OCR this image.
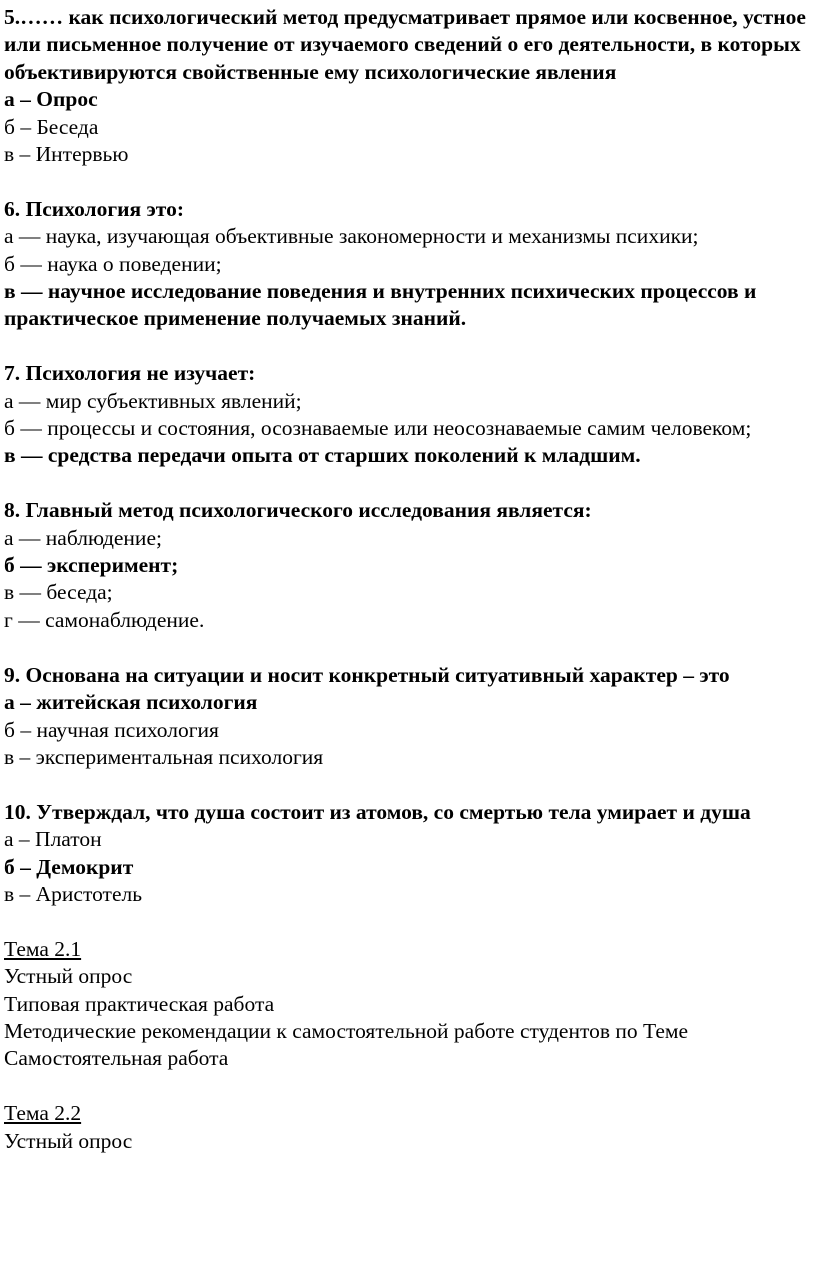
5.…… как психологический метод предусматривает прямое или косвенное, устное или письменное получение от изучаемого сведений о его деятельности, в которых объективируются свойственные ему психологические явления
а – Опрос
б – Беседа
в – Интервью
6. Психология это:
а — наука, изучающая объективные закономерности и механизмы психики;
б — наука о поведении;
в — научное исследование поведения и внутренних психических процессов и практическое применение получаемых знаний.
7. Психология не изучает:
а — мир субъективных явлений;
б — процессы и состояния, осознаваемые или неосознаваемые самим человеком;
в — средства передачи опыта от старших поколений к младшим.
8. Главный метод психологического исследования является:
а — наблюдение;
б — эксперимент;
в — беседа;
г — самонаблюдение.
9. Основана на ситуации и носит конкретный ситуативный характер – это
а – житейская психология
б – научная психология
в – экспериментальная психология
10. Утверждал, что душа состоит из атомов, со смертью тела умирает и душа
а – Платон
б – Демокрит
в – Аристотель
Тема 2.1
Устный опрос
Типовая практическая работа
Методические рекомендации к самостоятельной работе студентов по Теме
Самостоятельная работа
Тема 2.2
Устный опрос
